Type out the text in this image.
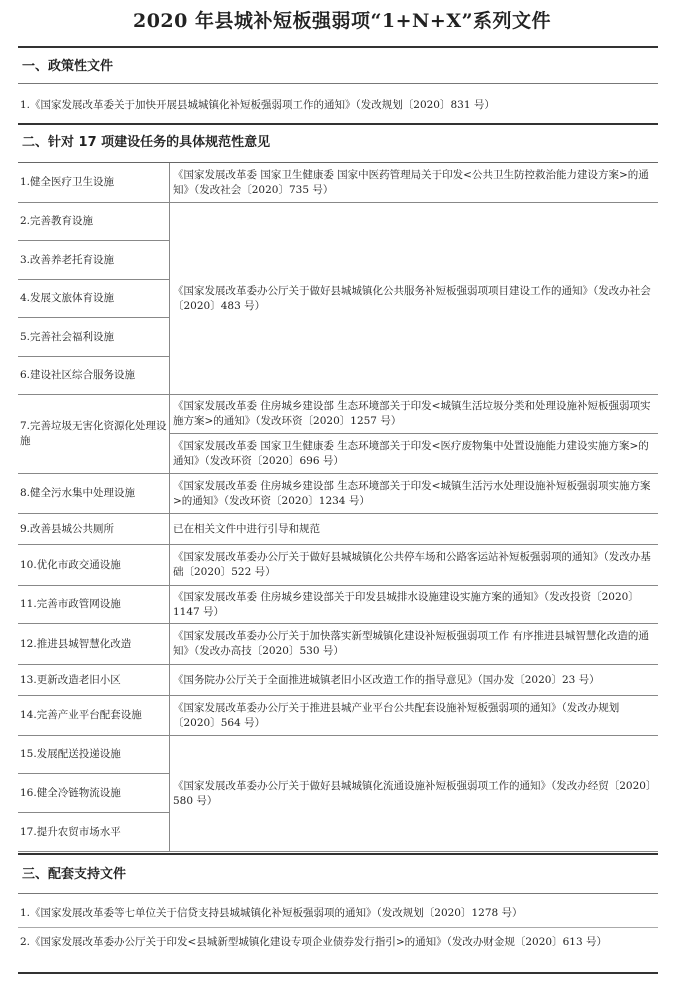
2020 年县城补短板强弱项“1+N+X”系列文件
一、政策性文件
1.《国家发展改革委关于加快开展县城城镇化补短板强弱项工作的通知》（发改规划〔2020〕831 号）
二、针对 17 项建设任务的具体规范性意见
1.健全医疗卫生设施
《国家发展改革委 国家卫生健康委 国家中医药管理局关于印发<公共卫生防控救治能力建设方案>的通知》（发改社会〔2020〕735 号）
2.完善教育设施
3.改善养老托育设施
4.发展文旅体育设施
5.完善社会福利设施
6.建设社区综合服务设施
《国家发展改革委办公厅关于做好县城城镇化公共服务补短板强弱项项目建设工作的通知》（发改办社会〔2020〕483 号）
7.完善垃圾无害化资源化处理设施
《国家发展改革委 住房城乡建设部 生态环境部关于印发<城镇生活垃圾分类和处理设施补短板强弱项实施方案>的通知》（发改环资〔2020〕1257 号）
《国家发展改革委 国家卫生健康委 生态环境部关于印发<医疗废物集中处置设施能力建设实施方案>的通知》（发改环资〔2020〕696 号）
8.健全污水集中处理设施
《国家发展改革委 住房城乡建设部 生态环境部关于印发<城镇生活污水处理设施补短板强弱项实施方案>的通知》（发改环资〔2020〕1234 号）
9.改善县城公共厕所	已在相关文件中进行引导和规范
10.优化市政交通设施
《国家发展改革委办公厅关于做好县城城镇化公共停车场和公路客运站补短板强弱项的通知》（发改办基础〔2020〕522 号）
11.完善市政管网设施
《国家发展改革委 住房城乡建设部关于印发县城排水设施建设实施方案的通知》（发改投资〔2020〕1147 号）
12.推进县城智慧化改造
《国家发展改革委办公厅关于加快落实新型城镇化建设补短板强弱项工作 有序推进县城智慧化改造的通知》（发改办高技〔2020〕530 号）
13.更新改造老旧小区	《国务院办公厅关于全面推进城镇老旧小区改造工作的指导意见》（国办发〔2020〕23 号）
14.完善产业平台配套设施
《国家发展改革委办公厅关于推进县城产业平台公共配套设施补短板强弱项的通知》（发改办规划〔2020〕564 号）
15.发展配送投递设施
16.健全冷链物流设施
17.提升农贸市场水平
《国家发展改革委办公厅关于做好县城城镇化流通设施补短板强弱项工作的通知》（发改办经贸〔2020〕580 号）
三、配套支持文件
1.《国家发展改革委等七单位关于信贷支持县城城镇化补短板强弱项的通知》（发改规划〔2020〕1278 号）
2.《国家发展改革委办公厅关于印发<县城新型城镇化建设专项企业债券发行指引>的通知》（发改办财金规〔2020〕613 号）
